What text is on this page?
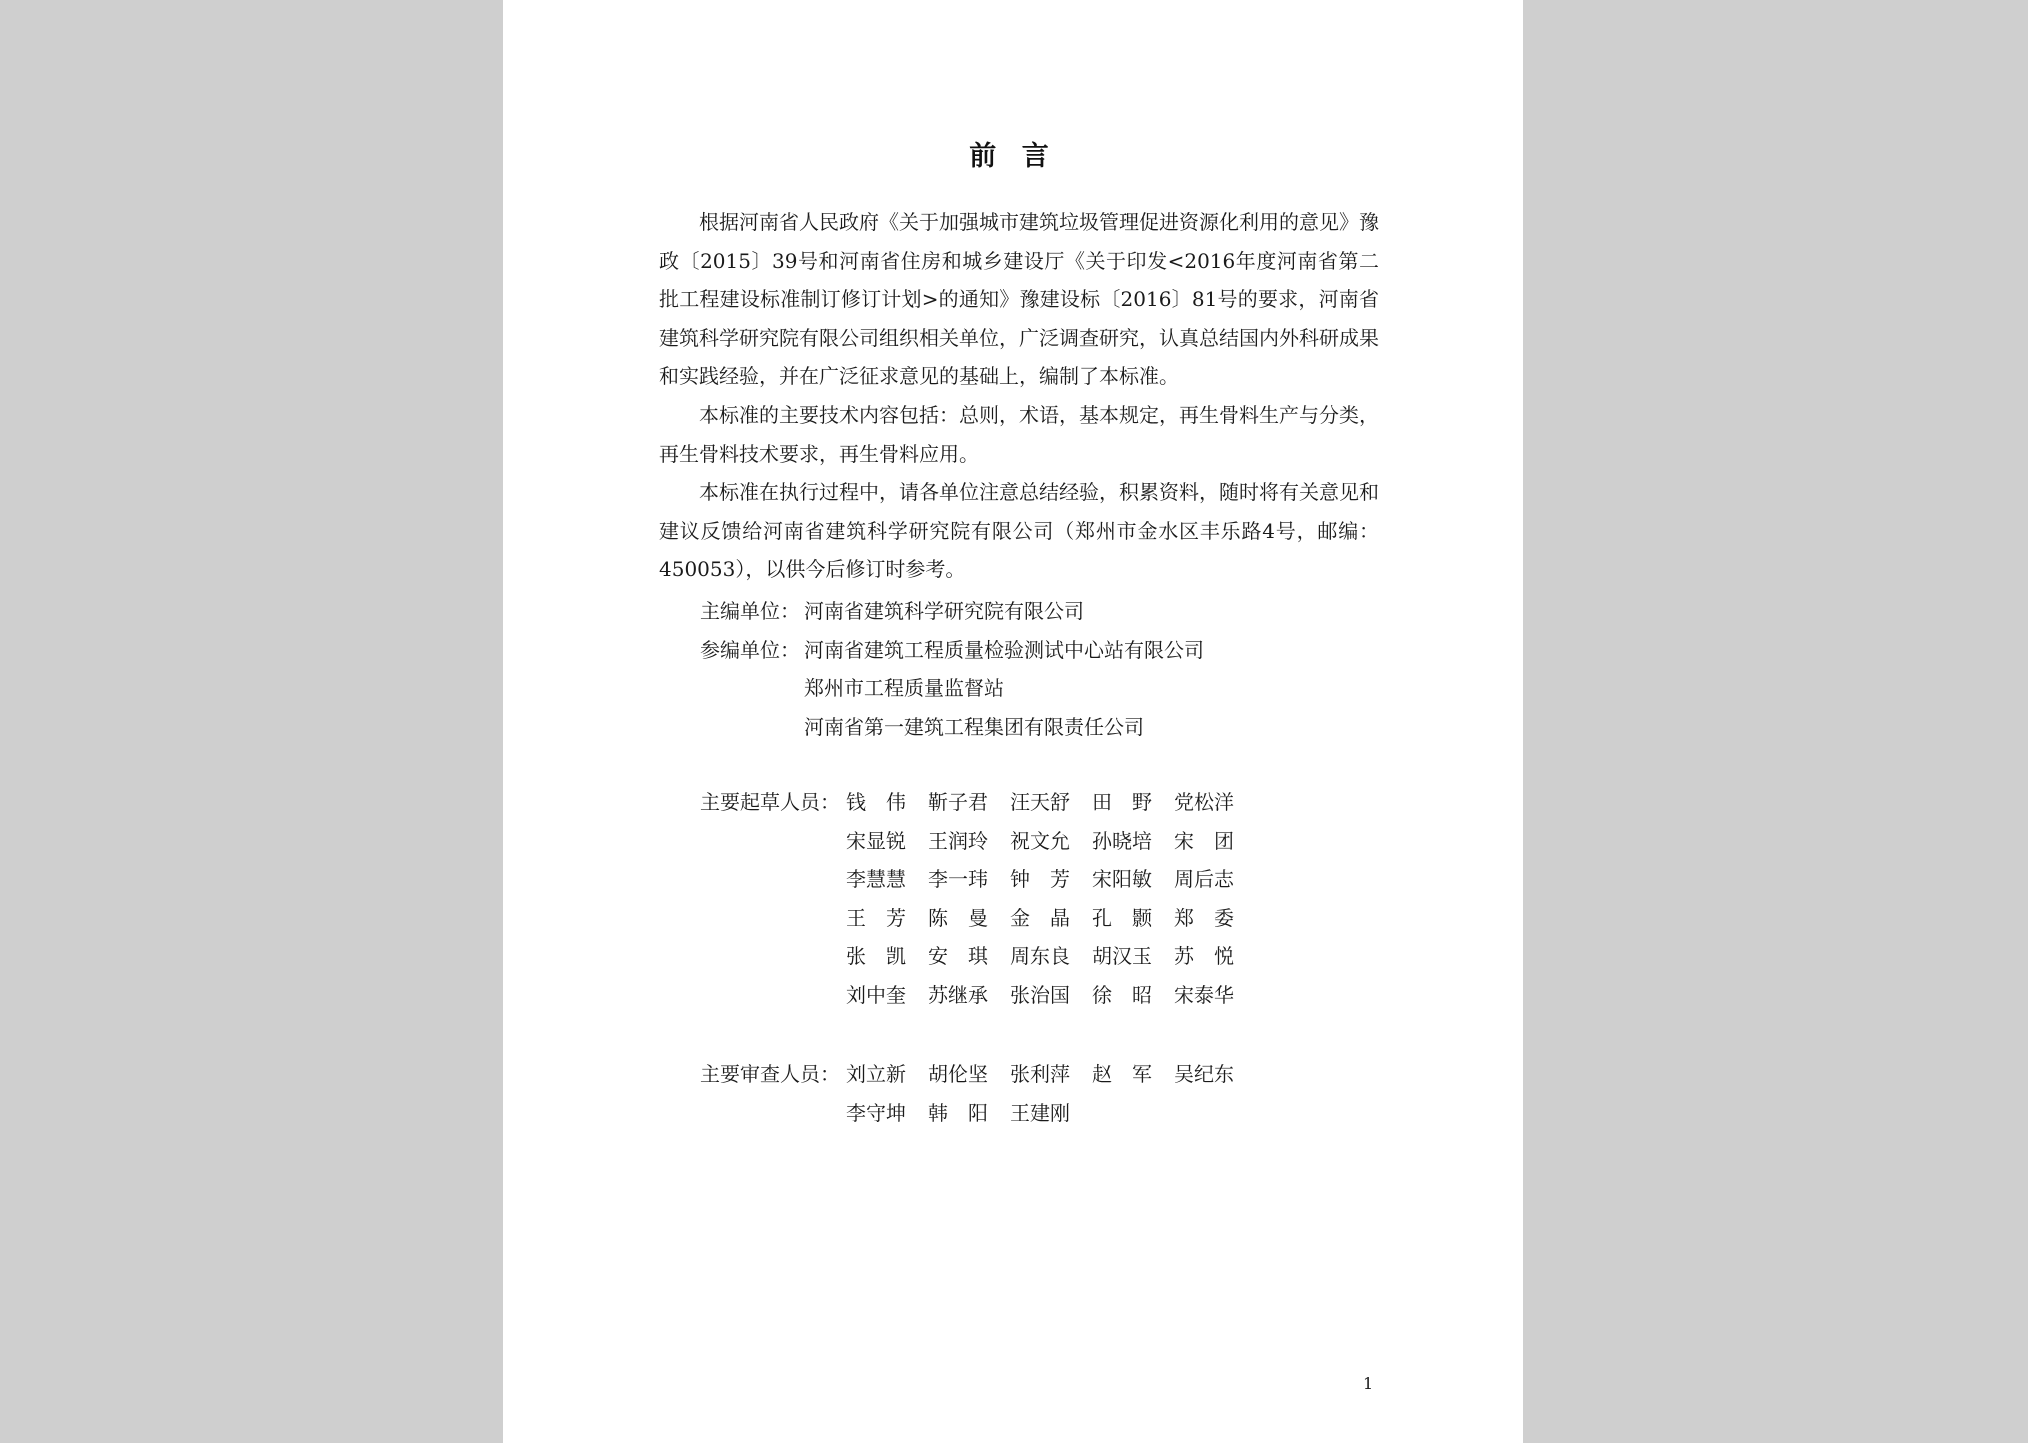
前 言

根据河南省人民政府《关于加强城市建筑垃圾管理促进资源化利用的意见》豫政〔2015〕39号和河南省住房和城乡建设厅《关于印发<2016年度河南省第二批工程建设标准制订修订计划>的通知》豫建设标〔2016〕81号的要求，河南省建筑科学研究院有限公司组织相关单位，广泛调查研究，认真总结国内外科研成果和实践经验，并在广泛征求意见的基础上，编制了本标准。

本标准的主要技术内容包括：总则，术语，基本规定，再生骨料生产与分类，再生骨料技术要求，再生骨料应用。

本标准在执行过程中，请各单位注意总结经验，积累资料，随时将有关意见和建议反馈给河南省建筑科学研究院有限公司（郑州市金水区丰乐路4号，邮编：450053），以供今后修订时参考。

主编单位： 河南省建筑科学研究院有限公司
参编单位： 河南省建筑工程质量检验测试中心站有限公司
郑州市工程质量监督站
河南省第一建筑工程集团有限责任公司
主要起草人员： 钱　伟	靳子君	汪天舒	田　野	党松洋
宋显锐	王润玲	祝文允	孙晓培	宋　团
李慧慧	李一玮	钟　芳	宋阳敏	周后志
王　芳	陈　曼	金　晶	孔　颢	郑　委
张　凯	安　琪	周东良	胡汉玉	苏　悦
刘中奎	苏继承	张治国	徐　昭	宋泰华
主要审查人员： 刘立新	胡伦坚	张利萍	赵　军	吴纪东
李守坤	韩　阳	王建刚
1
